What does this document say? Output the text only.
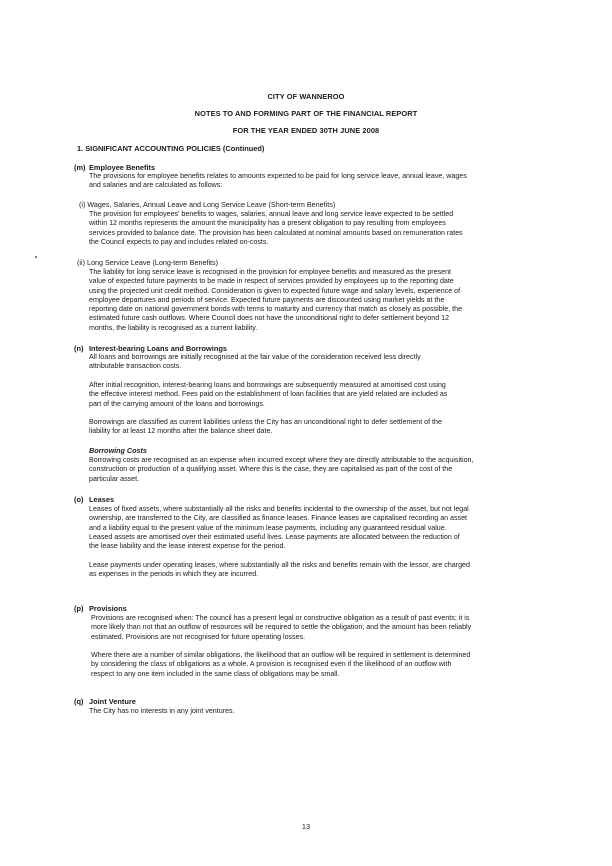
CITY OF WANNEROO
NOTES TO AND FORMING PART OF THE FINANCIAL REPORT
FOR THE YEAR ENDED 30TH JUNE 2008
1. SIGNIFICANT ACCOUNTING POLICIES (Continued)
(m) Employee Benefits
The provisions for employee benefits relates to amounts expected to be paid for long service leave, annual leave, wages
and salaries and are calculated as follows:
(i) Wages, Salaries, Annual Leave and Long Service Leave (Short-term Benefits)
The provision for employees' benefits to wages, salaries, annual leave and long service leave expected to be settled
within 12 months represents the amount the municipality has a present obligation to pay resulting from employees
services provided to balance date. The provision has been calculated at nominal amounts based on remuneration rates
the Council expects to pay and includes related on-costs.
(ii) Long Service Leave (Long-term Benefits)
The liability for long service leave is recognised in the provision for employee benefits and measured as the present
value of expected future payments to be made in respect of services provided by employees up to the reporting date
using the projected unit credit method. Consideration is given to expected future wage and salary levels, experience of
employee departures and periods of service. Expected future payments are discounted using market yields at the
reporting date on national government bonds with terms to maturity and currency that match as closely as possible, the
estimated future cash outflows. Where Council does not have the unconditional right to defer settlement beyond 12
months, the liability is recognised as a current liability.
(n) Interest-bearing Loans and Borrowings
All loans and borrowings are initially recognised at the fair value of the consideration received less directly
attributable transaction costs.
After initial recognition, interest-bearing loans and borrowings are subsequently measured at amortised cost using
the effective interest method. Fees paid on the establishment of loan facilities that are yield related are included as
part of the carrying amount of the loans and borrowings.
Borrowings are classified as current liabilities unless the City has an unconditional right to defer settlement of the
liability for at least 12 months after the balance sheet date.
Borrowing Costs
Borrowing costs are recognised as an expense when incurred except where they are directly attributable to the acquisition,
construction or production of a qualifying asset. Where this is the case, they are capitalised as part of the cost of the
particular asset.
(o) Leases
Leases of fixed assets, where substantially all the risks and benefits incidental to the ownership of the asset, but not legal
ownership, are transferred to the City, are classified as finance leases. Finance leases are capitalised recording an asset
and a liability equal to the present value of the minimum lease payments, including any guaranteed residual value.
Leased assets are amortised over their estimated useful lives. Lease payments are allocated between the reduction of
the lease liability and the lease interest expense for the period.
Lease payments under operating leases, where substantially all the risks and benefits remain with the lessor, are charged
as expenses in the periods in which they are incurred.
(p) Provisions
Provisions are recognised when: The council has a present legal or constructive obligation as a result of past events; it is
more likely than not that an outflow of resources will be required to settle the obligation; and the amount has been reliably
estimated. Provisions are not recognised for future operating losses.
Where there are a number of similar obligations, the likelihood that an outflow will be required in settlement is determined
by considering the class of obligations as a whole. A provision is recognised even if the likelihood of an outflow with
respect to any one item included in the same class of obligations may be small.
(q) Joint Venture
The City has no interests in any joint ventures.
13
